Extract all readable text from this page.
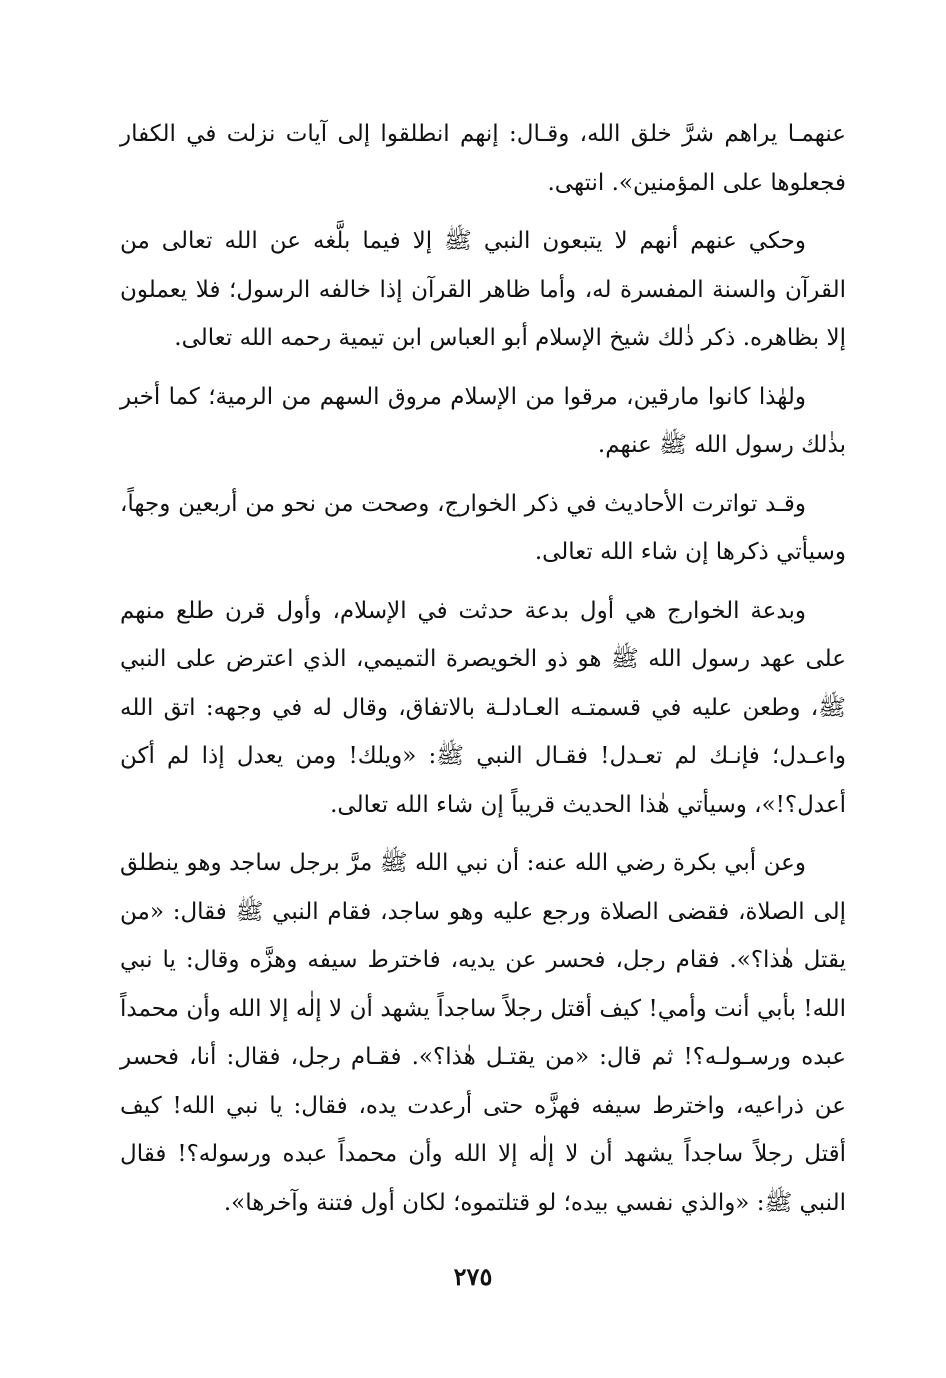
عنهمـا يراهم شرَّ خلق الله، وقـال: إنهم انطلقوا إلى آيات نزلت في الكفار فجعلوها على المؤمنين». انتهى.

وحكي عنهم أنهم لا يتبعون النبي ﷺ إلا فيما بلَّغه عن الله تعالى من القرآن والسنة المفسرة له، وأما ظاهر القرآن إذا خالفه الرسول؛ فلا يعملون إلا بظاهره. ذكر ذٰلك شيخ الإسلام أبو العباس ابن تيمية رحمه الله تعالى.

ولهٰذا كانوا مارقين، مرقوا من الإسلام مروق السهم من الرمية؛ كما أخبر بذٰلك رسول الله ﷺ عنهم.

وقـد تواترت الأحاديث في ذكر الخوارج، وصحت من نحو من أربعين وجهاً، وسيأتي ذكرها إن شاء الله تعالى.

وبدعة الخوارج هي أول بدعة حدثت في الإسلام، وأول قرن طلع منهم على عهد رسول الله ﷺ هو ذو الخويصرة التميمي، الذي اعترض على النبي ﷺ، وطعن عليه في قسمتـه العـادلـة بالاتفاق، وقال له في وجهه: اتق الله واعـدل؛ فإنـك لم تعـدل! فقـال النبي ﷺ: «ويلك! ومن يعدل إذا لم أكن أعدل؟!»، وسيأتي هٰذا الحديث قريباً إن شاء الله تعالى.

وعن أبي بكرة رضي الله عنه: أن نبي الله ﷺ مرَّ برجل ساجد وهو ينطلق إلى الصلاة، فقضى الصلاة ورجع عليه وهو ساجد، فقام النبي ﷺ فقال: «من يقتل هٰذا؟». فقام رجل، فحسر عن يديه، فاخترط سيفه وهزَّه وقال: يا نبي الله! بأبي أنت وأمي! كيف أقتل رجلاً ساجداً يشهد أن لا إلٰه إلا الله وأن محمداً عبده ورسـولـه؟! ثم قال: «من يقتـل هٰذا؟». فقـام رجل، فقال: أنا، فحسر عن ذراعيه، واخترط سيفه فهزَّه حتى أرعدت يده، فقال: يا نبي الله! كيف أقتل رجلاً ساجداً يشهد أن لا إلٰه إلا الله وأن محمداً عبده ورسوله؟! فقال النبي ﷺ: «والذي نفسي بيده؛ لو قتلتموه؛ لكان أول فتنة وآخرها».

٢٧٥
